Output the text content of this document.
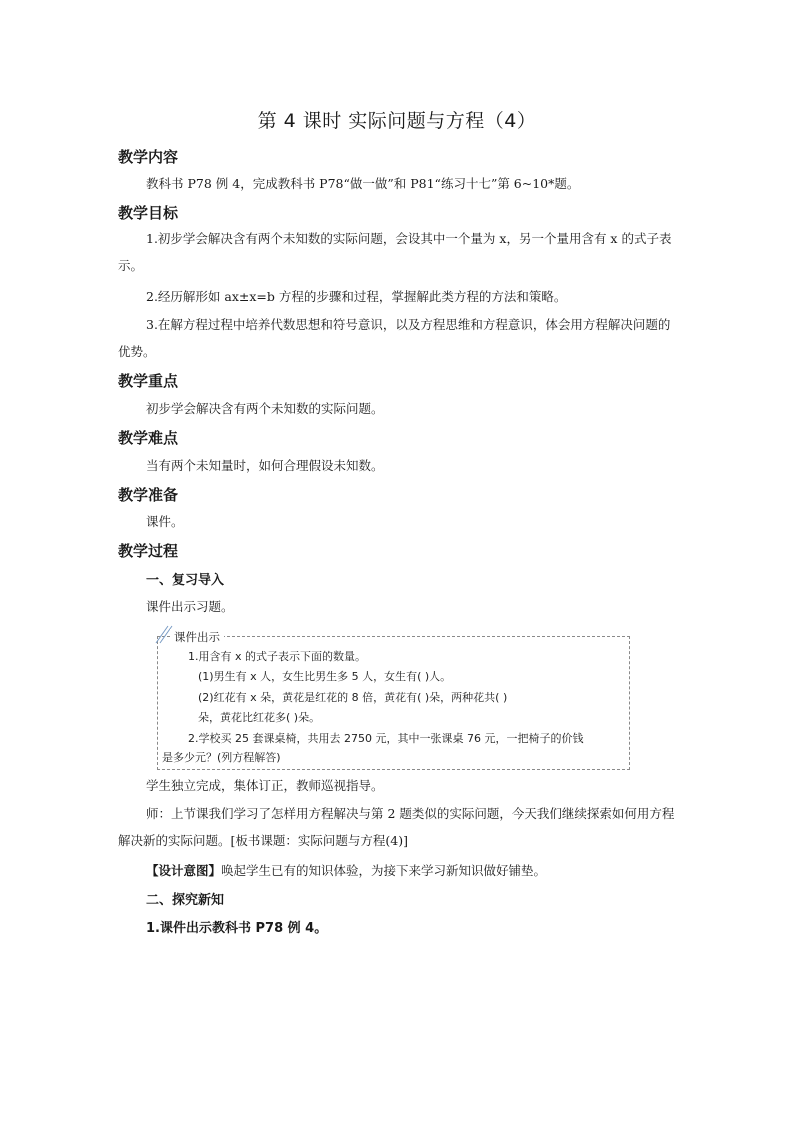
第 4 课时 实际问题与方程（4）
教学内容
教科书 P78 例 4，完成教科书 P78“做一做”和 P81“练习十七”第 6~10*题。
教学目标
1.初步学会解决含有两个未知数的实际问题，会设其中一个量为 x，另一个量用含有 x 的式子表示。
2.经历解形如 ax±x=b 方程的步骤和过程，掌握解此类方程的方法和策略。
3.在解方程过程中培养代数思想和符号意识，以及方程思维和方程意识，体会用方程解决问题的优势。
教学重点
初步学会解决含有两个未知数的实际问题。
教学难点
当有两个未知量时，如何合理假设未知数。
教学准备
课件。
教学过程
一、复习导入
课件出示习题。
课件出示
1.用含有 x 的式子表示下面的数量。
(1)男生有 x 人，女生比男生多 5 人，女生有( )人。
(2)红花有 x 朵，黄花是红花的 8 倍，黄花有( )朵，两种花共( )
朵，黄花比红花多( )朵。
2.学校买 25 套课桌椅，共用去 2750 元，其中一张课桌 76 元，一把椅子的价钱
是多少元？(列方程解答)
学生独立完成，集体订正，教师巡视指导。
师：上节课我们学习了怎样用方程解决与第 2 题类似的实际问题，今天我们继续探索如何用方程解决新的实际问题。[板书课题：实际问题与方程(4)]
【设计意图】唤起学生已有的知识体验，为接下来学习新知识做好铺垫。
二、探究新知
1.课件出示教科书 P78 例 4。
